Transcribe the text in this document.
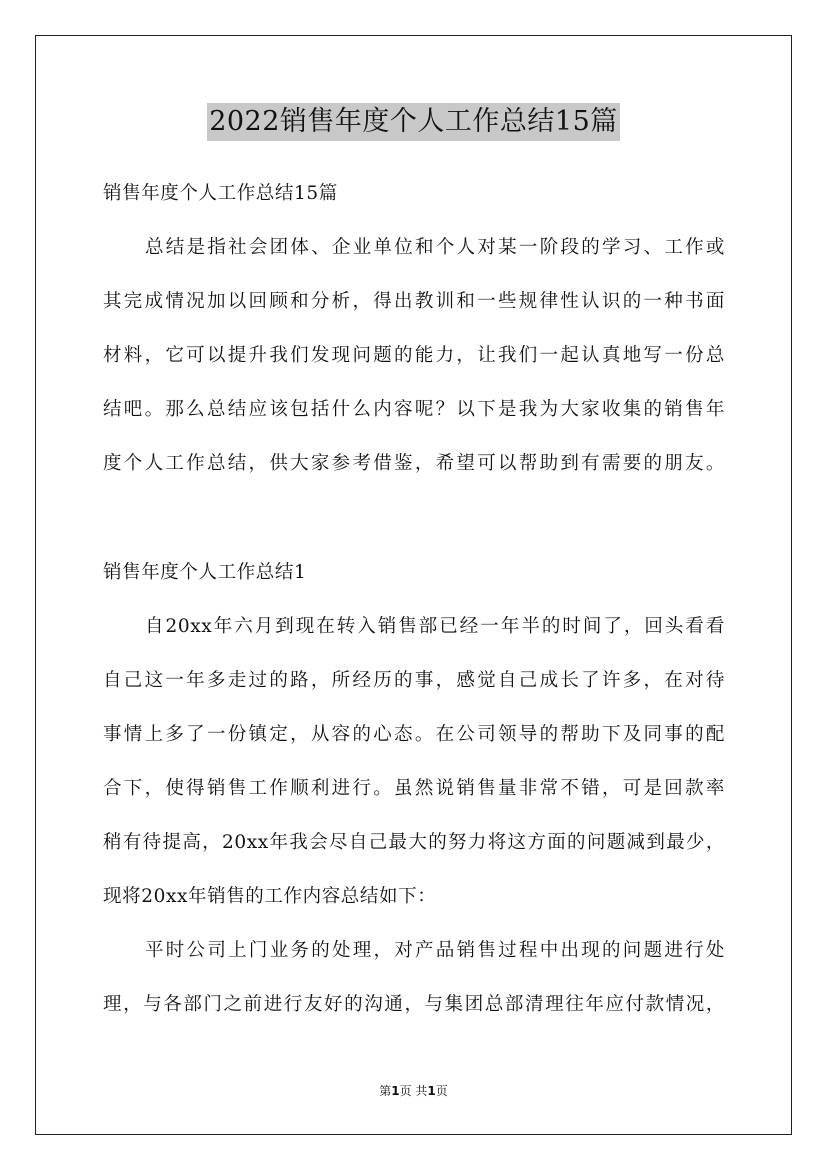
2022销售年度个人工作总结15篇
销售年度个人工作总结15篇
总结是指社会团体、企业单位和个人对某一阶段的学习、工作或
其完成情况加以回顾和分析，得出教训和一些规律性认识的一种书面
材料，它可以提升我们发现问题的能力，让我们一起认真地写一份总
结吧。那么总结应该包括什么内容呢？以下是我为大家收集的销售年
度个人工作总结，供大家参考借鉴，希望可以帮助到有需要的朋友。
销售年度个人工作总结1
自20xx年六月到现在转入销售部已经一年半的时间了，回头看看
自己这一年多走过的路，所经历的事，感觉自己成长了许多，在对待
事情上多了一份镇定，从容的心态。在公司领导的帮助下及同事的配
合下，使得销售工作顺利进行。虽然说销售量非常不错，可是回款率
稍有待提高，20xx年我会尽自己最大的努力将这方面的问题减到最少，
现将20xx年销售的工作内容总结如下：
平时公司上门业务的处理，对产品销售过程中出现的问题进行处
理，与各部门之前进行友好的沟通，与集团总部清理往年应付款情况，
第1页 共1页
